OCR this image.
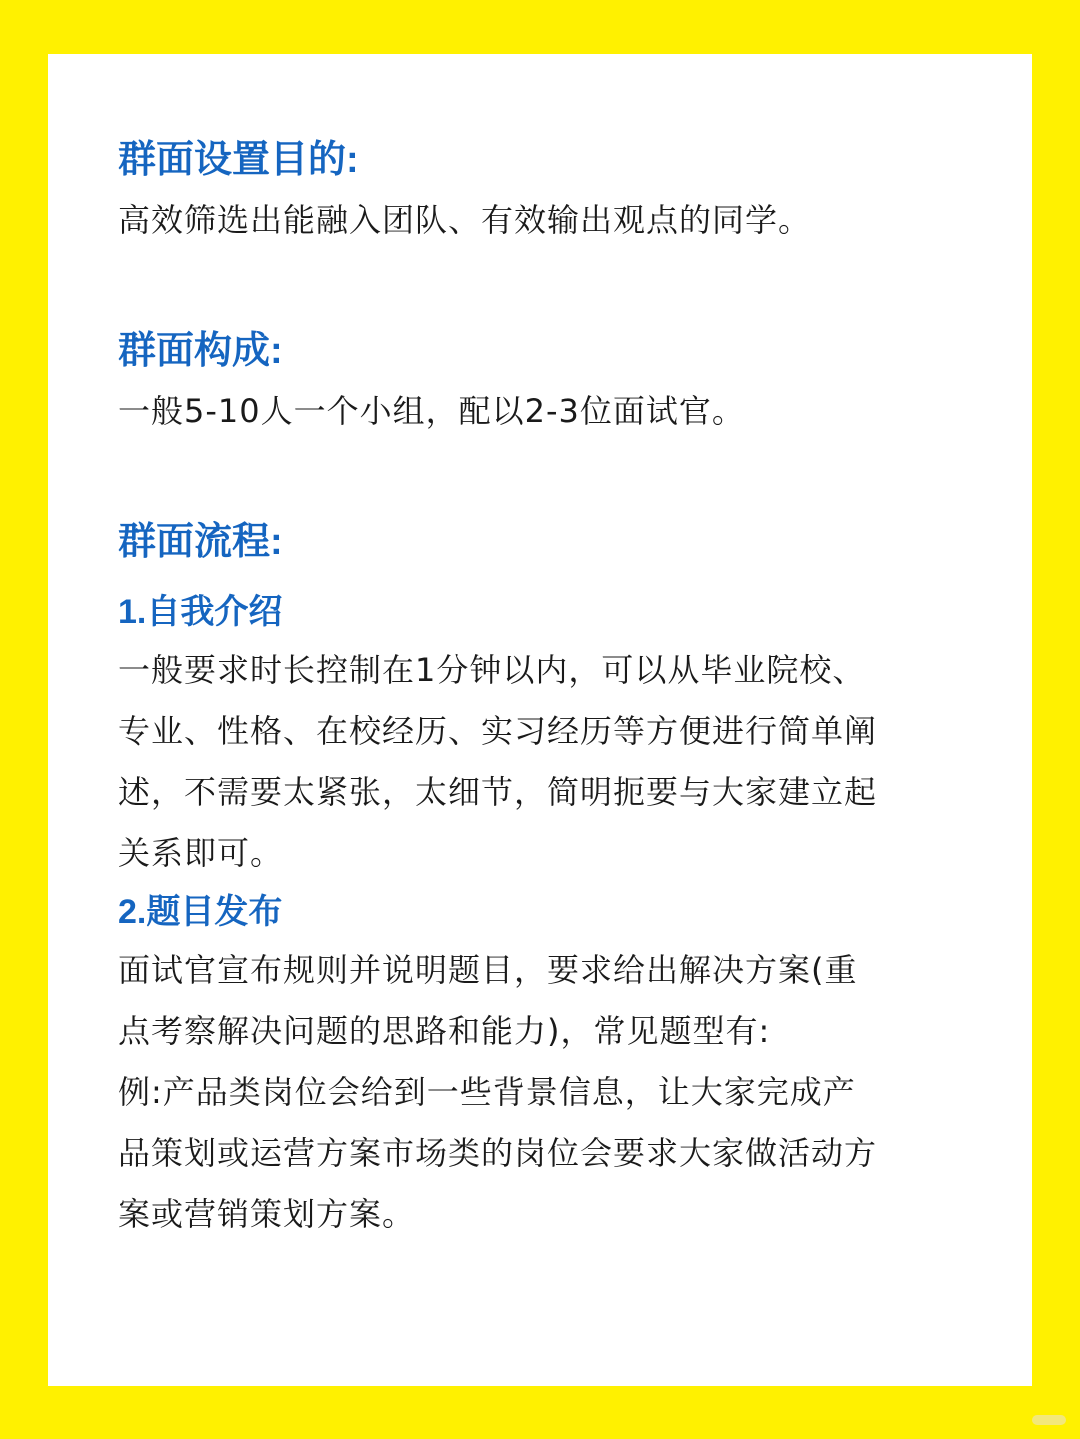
群面设置目的:

高效筛选出能融入团队、有效输出观点的同学。

群面构成:

一般5-10人一个小组，配以2-3位面试官。

群面流程:
1.自我介绍

一般要求时长控制在1分钟以内，可以从毕业院校、

专业、性格、在校经历、实习经历等方便进行简单阐

述，不需要太紧张，太细节，简明扼要与大家建立起

关系即可。

2.题目发布

面试官宣布规则并说明题目，要求给出解决方案(重

点考察解决问题的思路和能力)，常见题型有:

例:产品类岗位会给到一些背景信息，让大家完成产

品策划或运营方案市场类的岗位会要求大家做活动方

案或营销策划方案。
